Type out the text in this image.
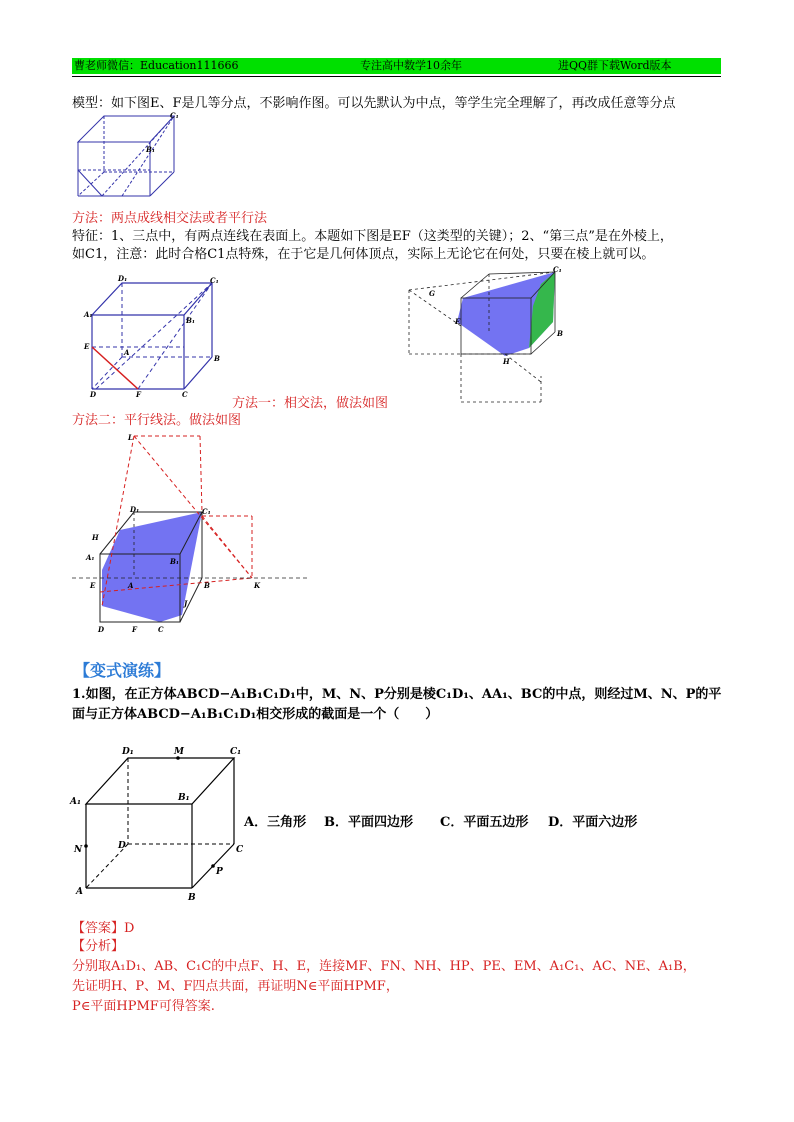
曹老师微信：Education111666	专注高中数学10余年	进QQ群下载Word版本
模型：如下图E、F是几等分点，不影响作图。可以先默认为中点，等学生完全理解了，再改成任意等分点
C₁
B₁
方法：两点成线相交法或者平行法
特征：1、三点中，有两点连线在表面上。本题如下图是EF（这类型的关键）；2、“第三点”是在外棱上，
如C1，注意：此时合格C1点特殊，在于它是几何体顶点，实际上无论它在何处，只要在棱上就可以。
D₁	C₁
A₁
B₁
E
A
B
D	F	C
C₁
G
E
B
H
方法一：相交法，做法如图
方法二：平行线法。做法如图
L
D₁	C₁
H
A₁	B₁
E	A	B	K
J
D	F	C
【变式演练】
1.如图，在正方体ABCD−A₁B₁C₁D₁中，M、N、P分别是棱C₁D₁、AA₁、BC的中点，则经过M、N、P的平
面与正方体ABCD−A₁B₁C₁D₁相交形成的截面是一个（　　）
D₁	M	C₁
A₁	B₁
N	D	C
P
A
B
A．三角形 B．平面四边形 C．平面五边形 D．平面六边形
【答案】D
【分析】
分别取A₁D₁、AB、C₁C的中点F、H、E，连接MF、FN、NH、HP、PE、EM、A₁C₁、AC、NE、A₁B，
先证明H、P、M、F四点共面，再证明N∈平面HPMF，
P∈平面HPMF可得答案.
